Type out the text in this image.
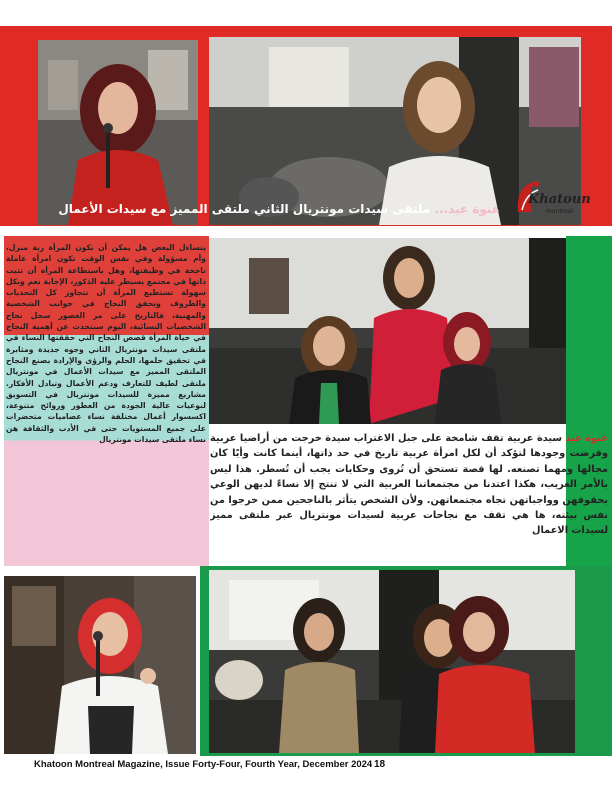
غنوة عيد... ملتقى سيدات مونتريال الثاني ملتقى المميز مع سيدات الأعمال
Khatoun
montreal

يتساءل البعض هل يمكن أن تكون المرأة ربة منزل، وأم مسؤولة وفي نفس الوقت تكون امرأة عاملة ناجحة في وظيفتها، وهل باستطاعة المرأة أن تثبت ذاتها في مجتمع يسيطر عليه الذكور، الإجابة نعم وبكل سهولة تستطيع المرأة أن تتجاوز كل التحديات والظروف وتحقق النجاح في جوانب الشخصية والمهنية، فالتاريخ على مر العصور سجل نجاح الشخصيات النسائية، اليوم سنتحدث عن أهمية النجاح في حياة المرأة قصص النجاح التي حققتها النساء في ملتقى سيدات مونتريال الثاني وجوه جديدة ومثابرة في تحقيق حلمها، الحلم والرؤى والإرادة بصنع النجاح الملتقى المميز مع سيدات الأعمال في مونتريال ملتقى لطيف للتعارف ودعم الأعمال وتبادل الأفكار. مشاريع مميزة للسيدات مونتريال في التسويق لنوعيات عالية الجودة من العطور وروائح متنوعة، اكسسوار أعمال مختلفة نساء عصاميات متحضرات على جميع المستويات حتى في الأدب والثقافة هن نساء ملتقى سيدات مونتريال	غنوة عيد سيدة عربية تقف شامخة على جبل الاغتراب سيدة خرجت من أراضيا عربية وفرضت وجودها لتؤكد أن لكل امرأة عربية تاريخ في حد ذاتها، أينما كانت وأيًا كان مجالها ومهما تصنعه. لها قصة تستحق أن تُروى وحكايات يجب أن تُسطر. هذا ليس بالأمر الغريب، هكذا اعتدنا من مجتمعاتنا العربية التي لا تنتج إلا نساءً لديهن الوعي بحقوقهن وواجباتهن تجاه مجتمعاتهن. ولأن الشخص يتأثر بالناجحين ممن خرجوا من نفس بيئته، ها هي تقف مع نجاحات عربية لسيدات مونتريال عبر ملتقى مميز لسيدات الاعمال

Khatoon Montreal Magazine, Issue Forty-Four, Fourth Year, December 2024 18
